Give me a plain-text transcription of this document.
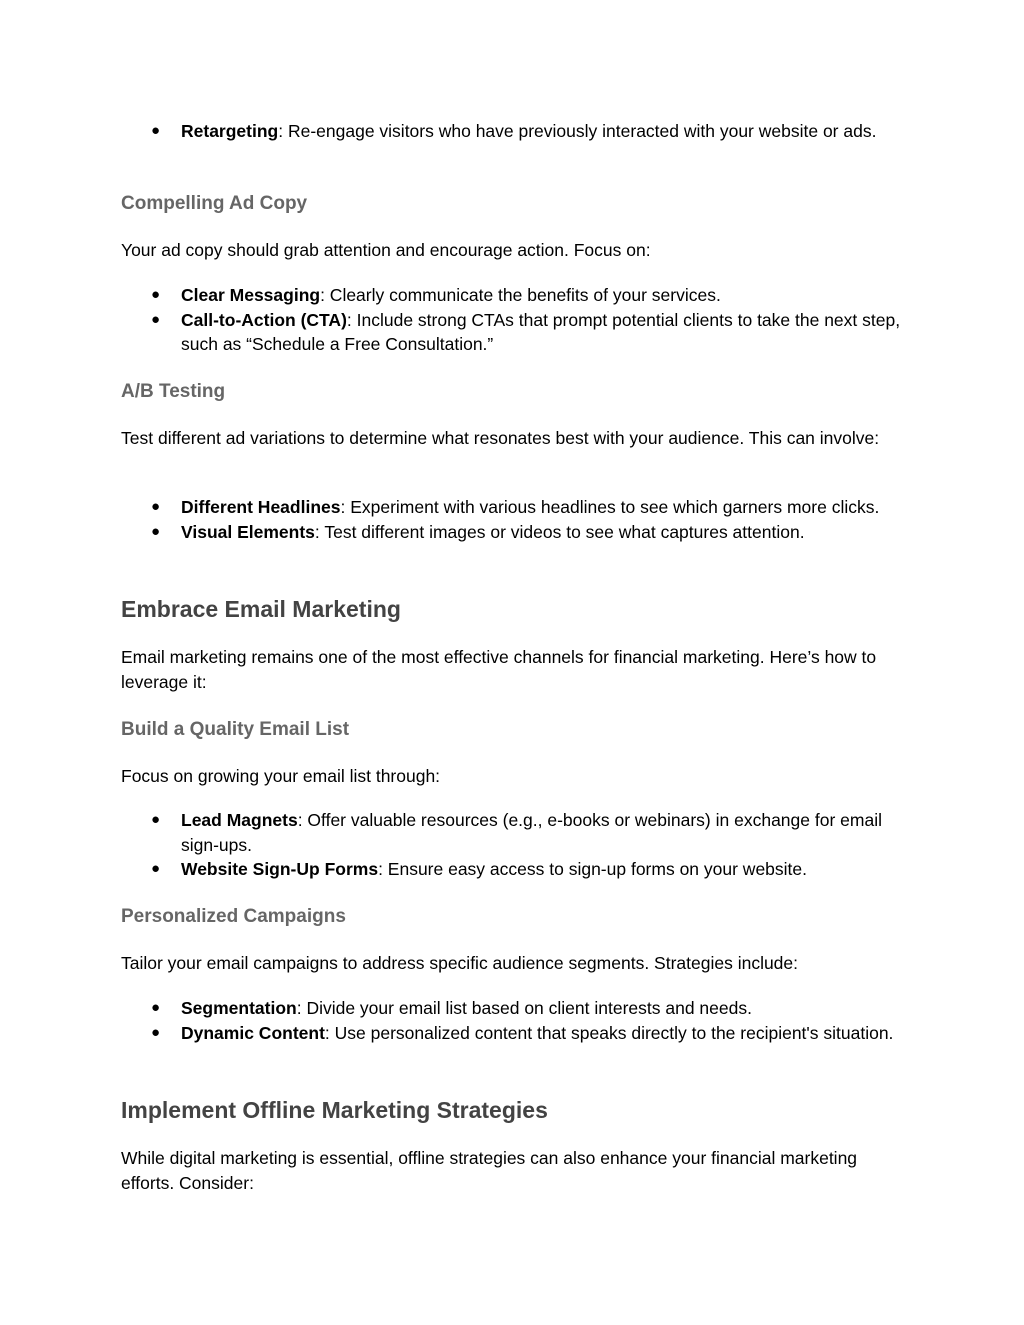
● Retargeting: Re-engage visitors who have previously interacted with your website or ads.
Compelling Ad Copy

Your ad copy should grab attention and encourage action. Focus on:

● Clear Messaging: Clearly communicate the benefits of your services.
● Call-to-Action (CTA): Include strong CTAs that prompt potential clients to take the next step, such as “Schedule a Free Consultation.”
A/B Testing

Test different ad variations to determine what resonates best with your audience. This can involve:

● Different Headlines: Experiment with various headlines to see which garners more clicks.
● Visual Elements: Test different images or videos to see what captures attention.
Embrace Email Marketing

Email marketing remains one of the most effective channels for financial marketing. Here’s how to leverage it:

Build a Quality Email List

Focus on growing your email list through:

● Lead Magnets: Offer valuable resources (e.g., e-books or webinars) in exchange for email sign-ups.
● Website Sign-Up Forms: Ensure easy access to sign-up forms on your website.
Personalized Campaigns

Tailor your email campaigns to address specific audience segments. Strategies include:

● Segmentation: Divide your email list based on client interests and needs.
● Dynamic Content: Use personalized content that speaks directly to the recipient's situation.
Implement Offline Marketing Strategies

While digital marketing is essential, offline strategies can also enhance your financial marketing efforts. Consider:
